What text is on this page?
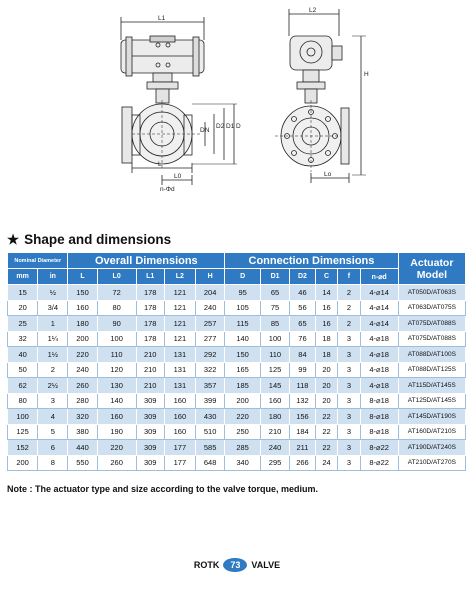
L1
L
L0
L2
H
D
D1
D2
DN
n-Φd
Lo
★ Shape and dimensions
Nominal Diameter		Overall Dimensions					Connection Dimensions						Actuator Model
mm	in	L	L0	L1	L2	H	D	D1	D2	C	f	n-⌀d	
15	½	150	72	178	121	204	95	65	46	14	2	4-⌀14	AT050D/AT063S
20	3/4	160	80	178	121	240	105	75	56	16	2	4-⌀14	AT063D/AT075S
25	1	180	90	178	121	257	115	85	65	16	2	4-⌀14	AT075D/AT088S
32	1¼	200	100	178	121	277	140	100	76	18	3	4-⌀18	AT075D/AT088S
40	1½	220	110	210	131	292	150	110	84	18	3	4-⌀18	AT088D/AT100S
50	2	240	120	210	131	322	165	125	99	20	3	4-⌀18	AT088D/AT125S
62	2½	260	130	210	131	357	185	145	118	20	3	4-⌀18	AT115D/AT145S
80	3	280	140	309	160	399	200	160	132	20	3	8-⌀18	AT125D/AT145S
100	4	320	160	309	160	430	220	180	156	22	3	8-⌀18	AT145D/AT190S
125	5	380	190	309	160	510	250	210	184	22	3	8-⌀18	AT160D/AT210S
152	6	440	220	309	177	585	285	240	211	22	3	8-⌀22	AT190D/AT240S
200	8	550	260	309	177	648	340	295	266	24	3	8-⌀22	AT210D/AT270S
Note : The actuator type and size according to the valve torque, medium.
ROTK 73 VALVE
